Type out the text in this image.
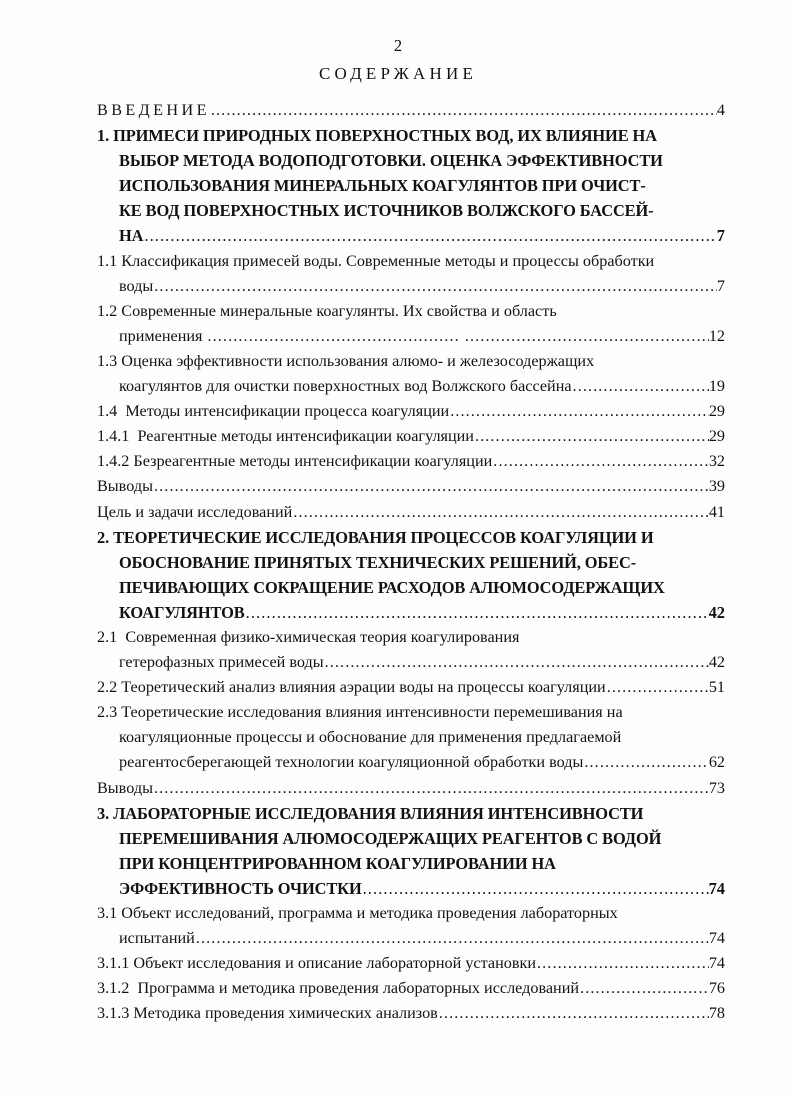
2
СОДЕРЖАНИЕ
ВВЕДЕНИЕ .....	4
1. ПРИМЕСИ ПРИРОДНЫХ ПОВЕРХНОСТНЫХ ВОД, ИХ ВЛИЯНИЕ НА
ВЫБОР МЕТОДА ВОДОПОДГОТОВКИ. ОЦЕНКА ЭФФЕКТИВНОСТИ
ИСПОЛЬЗОВАНИЯ МИНЕРАЛЬНЫХ КОАГУЛЯНТОВ ПРИ ОЧИСТ-
КЕ ВОД ПОВЕРХНОСТНЫХ ИСТОЧНИКОВ ВОЛЖСКОГО БАССЕЙ-
НА .....	7
1.1 Классификация примесей воды. Современные методы и процессы обработки
воды .....	7
1.2 Современные минеральные коагулянты. Их свойства и область
применения .....	12
1.3 Оценка эффективности использования алюмо- и железосодержащих
коагулянтов для очистки поверхностных вод Волжского бассейна .....	19
1.4  Методы интенсификации процесса коагуляции .....	29
1.4.1  Реагентные методы интенсификации коагуляции .....	29
1.4.2 Безреагентные методы интенсификации коагуляции .....	32
Выводы .....	39
Цель и задачи исследований .....	41
2. ТЕОРЕТИЧЕСКИЕ ИССЛЕДОВАНИЯ ПРОЦЕССОВ КОАГУЛЯЦИИ И
ОБОСНОВАНИЕ ПРИНЯТЫХ ТЕХНИЧЕСКИХ РЕШЕНИЙ, ОБЕС-
ПЕЧИВАЮЩИХ СОКРАЩЕНИЕ РАСХОДОВ АЛЮМОСОДЕРЖАЩИХ
КОАГУЛЯНТОВ .....	42
2.1  Современная физико-химическая теория коагулирования
гетерофазных примесей воды .....	42
2.2 Теоретический анализ влияния аэрации воды на процессы коагуляции .....	51
2.3 Теоретические исследования влияния интенсивности перемешивания на
коагуляционные процессы и обоснование для применения предлагаемой
реагентосберегающей технологии коагуляционной обработки воды .....	62
Выводы .....	73
3. ЛАБОРАТОРНЫЕ ИССЛЕДОВАНИЯ ВЛИЯНИЯ ИНТЕНСИВНОСТИ
ПЕРЕМЕШИВАНИЯ АЛЮМОСОДЕРЖАЩИХ РЕАГЕНТОВ С ВОДОЙ
ПРИ КОНЦЕНТРИРОВАННОМ КОАГУЛИРОВАНИИ НА
ЭФФЕКТИВНОСТЬ ОЧИСТКИ .....	74
3.1 Объект исследований, программа и методика проведения лабораторных
испытаний .....	74
3.1.1 Объект исследования и описание лабораторной установки .....	74
3.1.2  Программа и методика проведения лабораторных исследований .....	76
3.1.3 Методика проведения химических анализов .....	78
